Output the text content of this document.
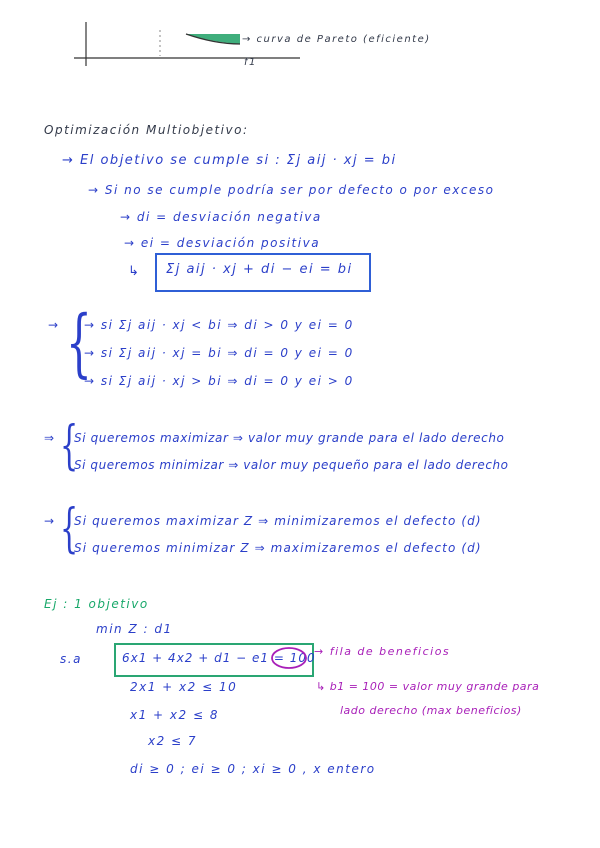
→ curva de Pareto (eficiente)
f1
Optimización Multiobjetivo:
→ El objetivo se cumple si : Σj aij · xj = bi
→ Si no se cumple podría ser por defecto o por exceso
→ di = desviación negativa
→ ei = desviación positiva
↳ Σj aij · xj + di − ei = bi
→ {
→ si Σj aij · xj < bi ⇒ di > 0 y ei = 0
→ si Σj aij · xj = bi ⇒ di = 0 y ei = 0
→ si Σj aij · xj > bi ⇒ di = 0 y ei > 0
⇒ {
Si queremos maximizar ⇒ valor muy grande para el lado derecho
Si queremos minimizar ⇒ valor muy pequeño para el lado derecho
→ {
Si queremos maximizar Z ⇒ minimizaremos el defecto (d)
Si queremos minimizar Z ⇒ maximizaremos el defecto (d)
Ej : 1 objetivo
min Z : d1
s.a	6x1 + 4x2 + d1 − e1 = 100
→ fila de beneficios
↳ b1 = 100 = valor muy grande para
lado derecho (max beneficios)
2x1 + x2 ≤ 10
x1 + x2 ≤ 8
x2 ≤ 7
di ≥ 0 ; ei ≥ 0 ; xi ≥ 0 , x entero
